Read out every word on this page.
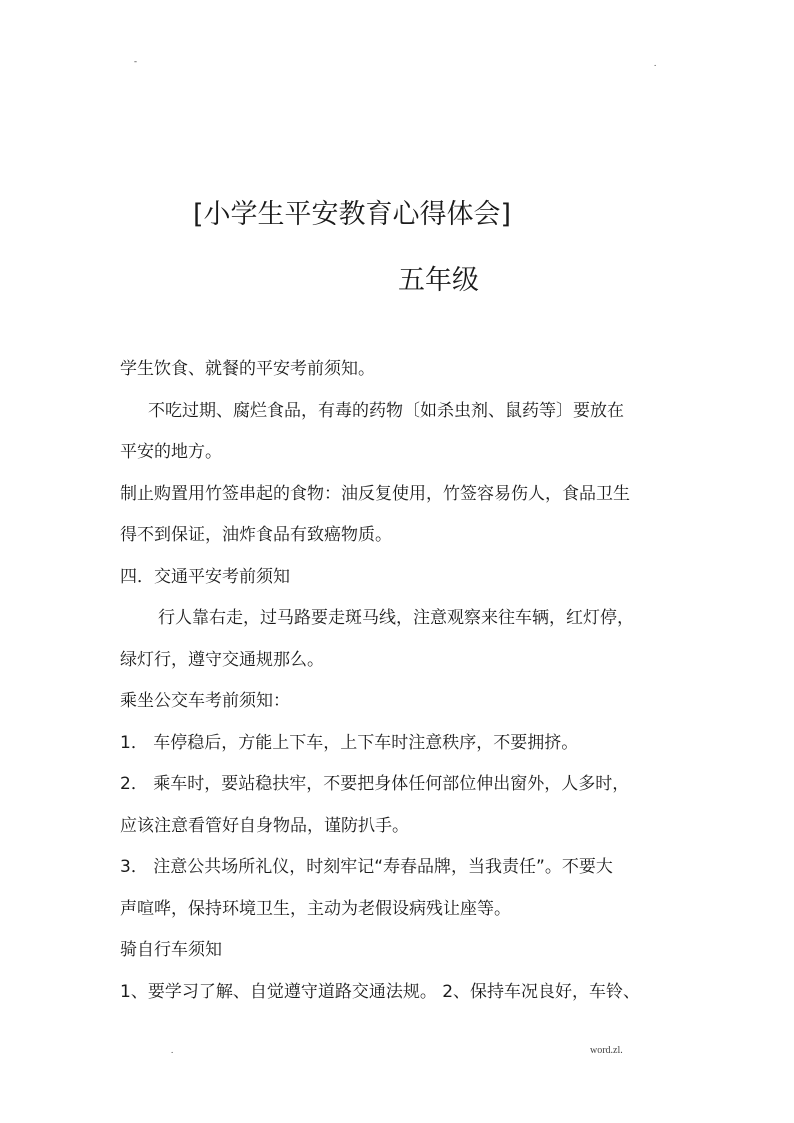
-	.
[小学生平安教育心得体会]
五年级

学生饮食、就餐的平安考前须知。

不吃过期、腐烂食品，有毒的药物〔如杀虫剂、鼠药等〕要放在

平安的地方。

制止购置用竹签串起的食物：油反复使用，竹签容易伤人，食品卫生

得不到保证，油炸食品有致癌物质。

四．交通平安考前须知

行人靠右走，过马路要走斑马线，注意观察来往车辆，红灯停，

绿灯行，遵守交通规那么。

乘坐公交车考前须知：

1． 车停稳后，方能上下车，上下车时注意秩序，不要拥挤。

2． 乘车时，要站稳扶牢，不要把身体任何部位伸出窗外，人多时，

应该注意看管好自身物品，谨防扒手。

3． 注意公共场所礼仪，时刻牢记“寿春品牌，当我责任”。不要大

声喧哗，保持环境卫生，主动为老假设病残让座等。

骑自行车须知

1、要学习了解、自觉遵守道路交通法规。 2、保持车况良好，车铃、

.	word.zl.
